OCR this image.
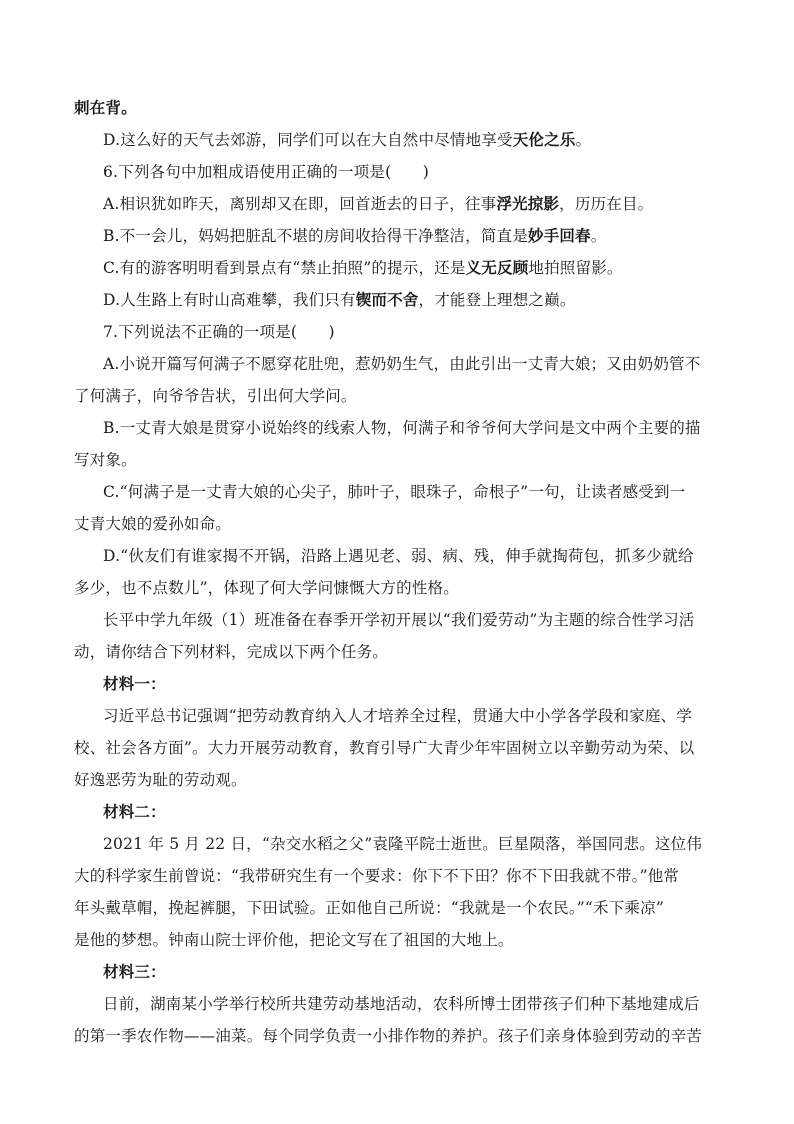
刺在背。
D.这么好的天气去郊游，同学们可以在大自然中尽情地享受天伦之乐。
6.下列各句中加粗成语使用正确的一项是(　　)
A.相识犹如昨天，离别却又在即，回首逝去的日子，往事浮光掠影，历历在目。
B.不一会儿，妈妈把脏乱不堪的房间收拾得干净整洁，简直是妙手回春。
C.有的游客明明看到景点有“禁止拍照”的提示，还是义无反顾地拍照留影。
D.人生路上有时山高难攀，我们只有锲而不舍，才能登上理想之巅。
7.下列说法不正确的一项是(　　)
A.小说开篇写何满子不愿穿花肚兜，惹奶奶生气，由此引出一丈青大娘；又由奶奶管不
了何满子，向爷爷告状，引出何大学问。
B.一丈青大娘是贯穿小说始终的线索人物，何满子和爷爷何大学问是文中两个主要的描
写对象。
C.“何满子是一丈青大娘的心尖子，肺叶子，眼珠子，命根子”一句，让读者感受到一
丈青大娘的爱孙如命。
D.“伙友们有谁家揭不开锅，沿路上遇见老、弱、病、残，伸手就掏荷包，抓多少就给
多少，也不点数儿”，体现了何大学问慷慨大方的性格。
长平中学九年级（1）班准备在春季开学初开展以“我们爱劳动”为主题的综合性学习活
动，请你结合下列材料，完成以下两个任务。
材料一：
习近平总书记强调“把劳动教育纳入人才培养全过程，贯通大中小学各学段和家庭、学
校、社会各方面”。大力开展劳动教育，教育引导广大青少年牢固树立以辛勤劳动为荣、以
好逸恶劳为耻的劳动观。
材料二：
2021 年 5 月 22 日，“杂交水稻之父”袁隆平院士逝世。巨星陨落，举国同悲。这位伟
大的科学家生前曾说：“我带研究生有一个要求：你下不下田？你不下田我就不带。”他常
年头戴草帽，挽起裤腿，下田试验。正如他自己所说：“我就是一个农民。”“禾下乘凉”
是他的梦想。钟南山院士评价他，把论文写在了祖国的大地上。
材料三：
日前，湖南某小学举行校所共建劳动基地活动，农科所博士团带孩子们种下基地建成后
的第一季农作物——油菜。每个同学负责一小排作物的养护。孩子们亲身体验到劳动的辛苦
